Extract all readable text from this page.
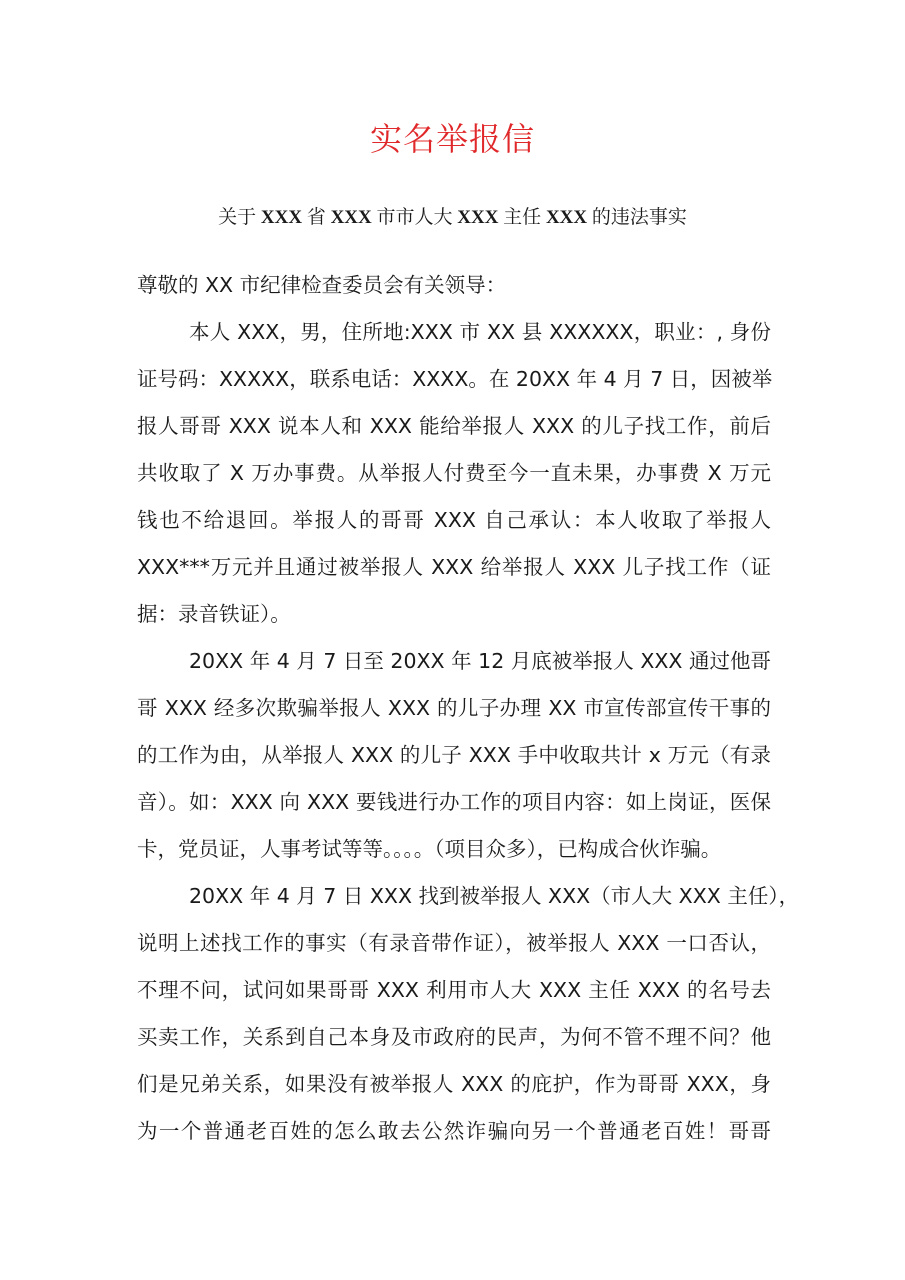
实名举报信
关于 XXX 省 XXX 市市人大 XXX 主任 XXX 的违法事实
尊敬的 XX 市纪律检查委员会有关领导：
本人 XXX，男，住所地:XXX 市 XX 县 XXXXXX，职业：, 身份
证号码：XXXXX，联系电话：XXXX。在 20XX 年 4 月 7 日，因被举
报人哥哥 XXX 说本人和 XXX 能给举报人 XXX 的儿子找工作，前后
共收取了 X 万办事费。从举报人付费至今一直未果，办事费 X 万元
钱也不给退回。举报人的哥哥 XXX 自己承认：本人收取了举报人
XXX***万元并且通过被举报人 XXX 给举报人 XXX 儿子找工作（证
据：录音铁证）。
20XX 年 4 月 7 日至 20XX 年 12 月底被举报人 XXX 通过他哥
哥 XXX 经多次欺骗举报人 XXX 的儿子办理 XX 市宣传部宣传干事的
的工作为由，从举报人 XXX 的儿子 XXX 手中收取共计 x 万元（有录
音）。如：XXX 向 XXX 要钱进行办工作的项目内容：如上岗证，医保
卡，党员证，人事考试等等。。。。（项目众多），已构成合伙诈骗。
20XX 年 4 月 7 日 XXX 找到被举报人 XXX（市人大 XXX 主任），
说明上述找工作的事实（有录音带作证），被举报人 XXX 一口否认，
不理不问，试问如果哥哥 XXX 利用市人大 XXX 主任 XXX 的名号去
买卖工作，关系到自己本身及市政府的民声，为何不管不理不问？他
们是兄弟关系，如果没有被举报人 XXX 的庇护，作为哥哥 XXX，身
为一个普通老百姓的怎么敢去公然诈骗向另一个普通老百姓！哥哥
